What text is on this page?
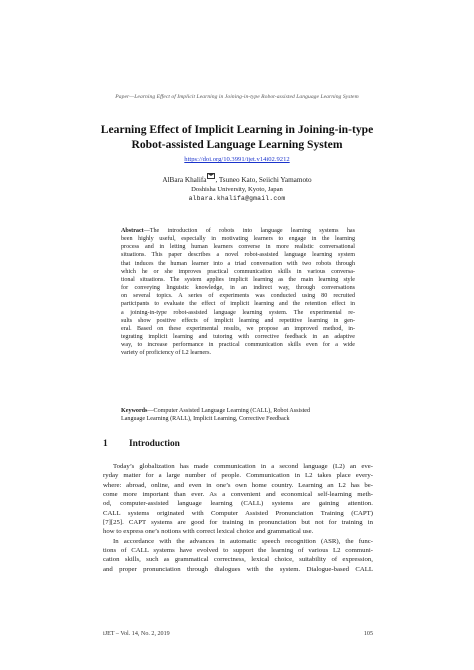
Paper—Learning Effect of Implicit Learning in Joining-in-type Robot-assisted Language Learning System
Learning Effect of Implicit Learning in Joining-in-type
Robot-assisted Language Learning System
https://doi.org/10.3991/ijet.v14i02.9212
AlBara Khalifa , Tsuneo Kato, Seiichi Yamamoto
Doshisha University, Kyoto, Japan
albara.khalifa@gmail.com
Abstract—The introduction of robots into language learning systems has
been highly useful, especially in motivating learners to engage in the learning
process and in letting human learners converse in more realistic conversational
situations. This paper describes a novel robot-assisted language learning system
that induces the human learner into a triad conversation with two robots through
which he or she improves practical communication skills in various conversa-
tional situations. The system applies implicit learning as the main learning style
for conveying linguistic knowledge, in an indirect way, through conversations
on several topics. A series of experiments was conducted using 80 recruited
participants to evaluate the effect of implicit learning and the retention effect in
a joining-in-type robot-assisted language learning system. The experimental re-
sults show positive effects of implicit learning and repetitive learning in gen-
eral. Based on these experimental results, we propose an improved method, in-
tegrating implicit learning and tutoring with corrective feedback in an adaptive
way, to increase performance in practical communication skills even for a wide
variety of proficiency of L2 learners.
Keywords—Computer Assisted Language Learning (CALL), Robot Assisted
Language Learning (RALL), Implicit Learning, Corrective Feedback
1 Introduction
Today’s globalization has made communication in a second language (L2) an eve-
ryday matter for a large number of people. Communication in L2 takes place every-
where: abroad, online, and even in one’s own home country. Learning an L2 has be-
come more important than ever. As a convenient and economical self-learning meth-
od, computer-assisted language learning (CALL) systems are gaining attention.
CALL systems originated with Computer Assisted Pronunciation Training (CAPT)
[7][25]. CAPT systems are good for training in pronunciation but not for training in
how to express one’s notions with correct lexical choice and grammatical use.
In accordance with the advances in automatic speech recognition (ASR), the func-
tions of CALL systems have evolved to support the learning of various L2 communi-
cation skills, such as grammatical correctness, lexical choice, suitability of expression,
and proper pronunciation through dialogues with the system. Dialogue-based CALL
iJET ‒ Vol. 14, No. 2, 2019	105
